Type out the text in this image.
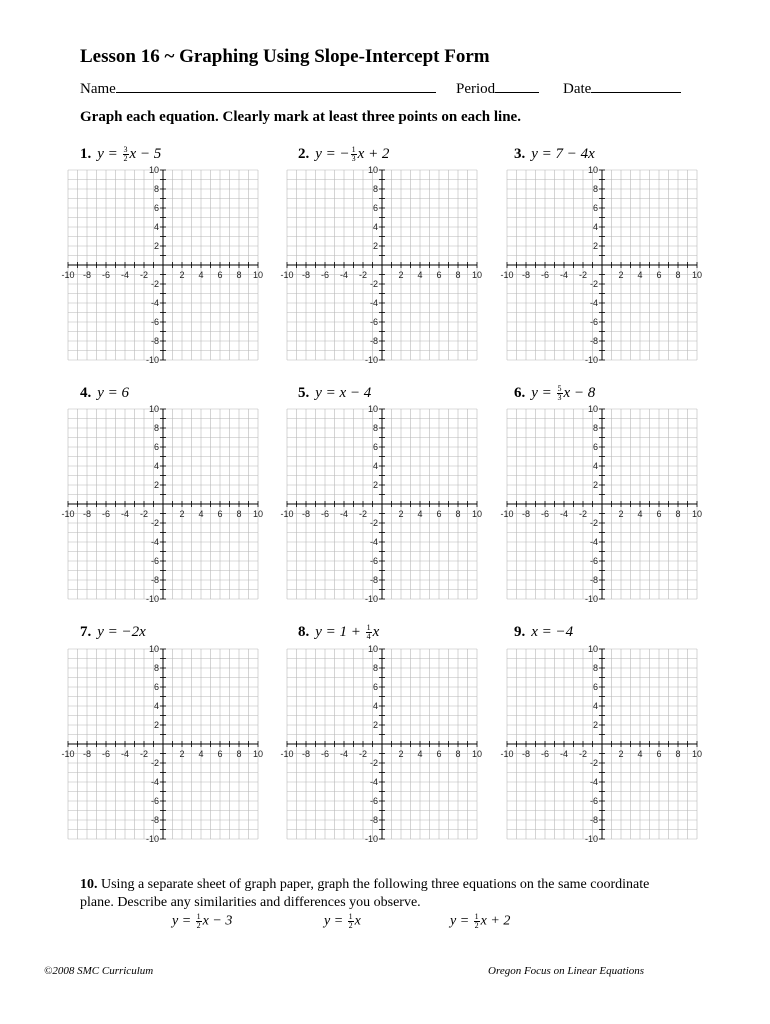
Lesson 16 ~ Graphing Using Slope-Intercept Form
Name	Period	Date
Graph each equation. Clearly mark at least three points on each line.
1. $y = \frac{3}{2}$ x − 5
-10 -8 -6 -4 -2	2 4 6 8 10
10
8
6
4
2
-2
-4
-6
-8
-10
2. y = − $\frac{1}{3}$ x + 2
-10 -8 -6 -4 -2	2 4 6 8 10
10
8
6
4
2
-2
-4
-6
-8
-10
3. y = 7 − 4x
-10 -8 -6 -4 -2	2 4 6 8 10
10
8
6
4
2
-2
-4
-6
-8
-10
4. y = 6
-10 -8 -6 -4 -2	2 4 6 8 10
10
8
6
4
2
-2
-4
-6
-8
-10
5. y = x − 4
-10 -8 -6 -4 -2	2 4 6 8 10
10
8
6
4
2
-2
-4
-6
-8
-10
6. $y = \frac{5}{3}$ x − 8
-10 -8 -6 -4 -2	2 4 6 8 10
10
8
6
4
2
-2
-4
-6
-8
-10
7. y = −2x
-10 -8 -6 -4 -2	2 4 6 8 10
10
8
6
4
2
-2
-4
-6
-8
-10
8. $y = 1 + \frac{1}{4}$ x
-10 -8 -6 -4 -2	2 4 6 8 10
10
8
6
4
2
-2
-4
-6
-8
-10
9. x = −4
-10 -8 -6 -4 -2	2 4 6 8 10
10
8
6
4
2
-2
-4
-6
-8
-10
10. Using a separate sheet of graph paper, graph the following three equations on the same coordinate plane. Describe any similarities and differences you observe.
$y = \frac{1}{2}$ x − 3	$y = \frac{1}{2}$ x	$y = \frac{1}{2}$ x + 2
©2008 SMC Curriculum	Oregon Focus on Linear Equations
